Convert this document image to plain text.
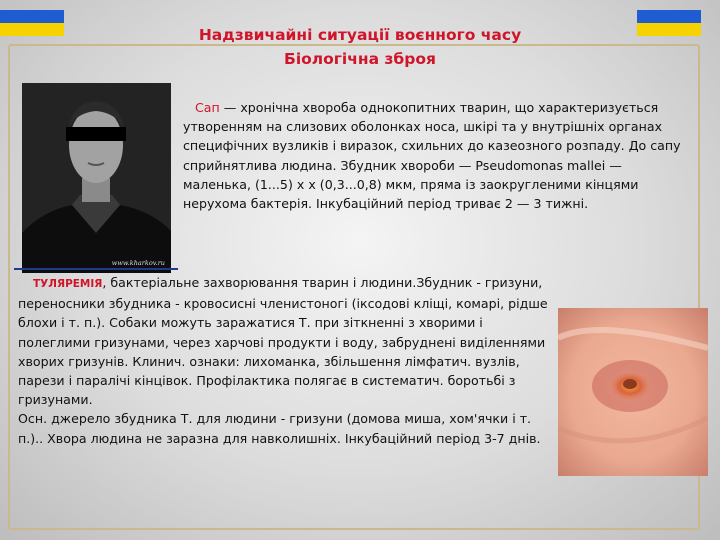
Надзвичайні ситуації воєнного часу
Біологічна зброя
www.kharkov.ru
Сап — хронічна хвороба однокопитних тварин, що характеризується утворенням на слизових оболонках носа, шкірі та у внутрішніх органах специфічних вузликів і виразок, схильних до казеозного розпаду. До сапу сприйнятлива людина. Збудник хвороби — Pseudomonas mallei — маленька, (1...5) х х (0,3...0,8) мкм, пряма із заокругленими кінцями нерухома бактерія. Інкубаційний період триває 2 — 3 тижні.

ТУЛЯРЕМІЯ, бактеріальне захворювання тварин і людини.Збудник - гризуни, переносники збудника - кровосисні членистоногі (іксодові кліщі, комарі, рідше блохи і т. п.). Собаки можуть заражатися Т. при зіткненні з хворими і полеглими гризунами, через харчові продукти і воду, забруднені виділеннями хворих гризунів. Клинич. ознаки: лихоманка, збільшення лімфатич. вузлів, парези і паралічі кінцівок. Профілактика полягає в систематич. боротьбі з гризунами.

Осн. джерело збудника Т. для людини - гризуни (домова миша, хом'ячки і т. п.).. Хвора людина не заразна для навколишніх. Інкубаційний період 3-7 днів.
